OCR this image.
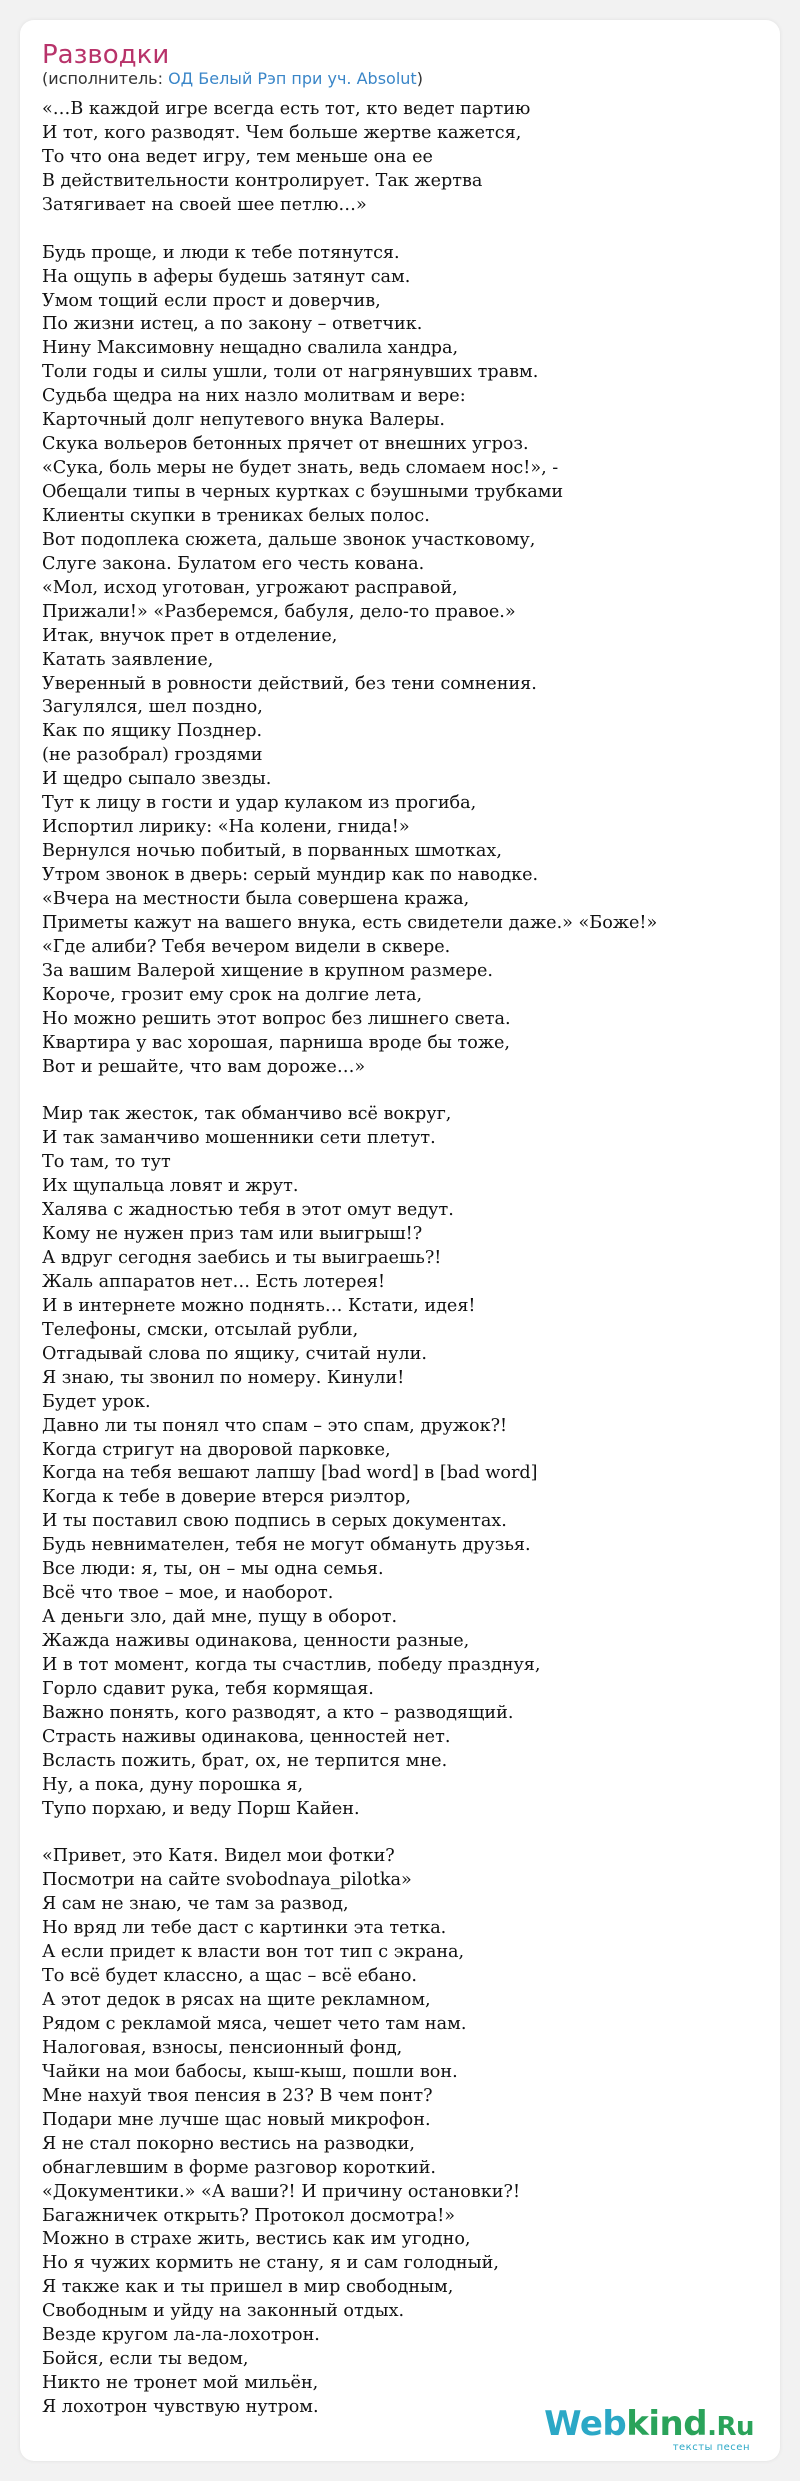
Разводки
(исполнитель: ОД Белый Рэп при уч. Absolut)
«…В каждой игре всегда есть тот, кто ведет партию
И тот, кого разводят. Чем больше жертве кажется,
То что она ведет игру, тем меньше она ее
В действительности контролирует. Так жертва
Затягивает на своей шее петлю…»
Будь проще, и люди к тебе потянутся.
На ощупь в аферы будешь затянут сам.
Умом тощий если прост и доверчив,
По жизни истец, а по закону – ответчик.
Нину Максимовну нещадно свалила хандра,
Толи годы и силы ушли, толи от нагрянувших травм.
Судьба щедра на них назло молитвам и вере:
Карточный долг непутевого внука Валеры.
Скука вольеров бетонных прячет от внешних угроз.
«Сука, боль меры не будет знать, ведь сломаем нос!», -
Обещали типы в черных куртках с бэушными трубками
Клиенты скупки в трениках белых полос.
Вот подоплека сюжета, дальше звонок участковому,
Слуге закона. Булатом его честь кована.
«Мол, исход уготован, угрожают расправой,
Прижали!» «Разберемся, бабуля, дело-то правое.»
Итак, внучок прет в отделение,
Катать заявление,
Уверенный в ровности действий, без тени сомнения.
Загулялся, шел поздно,
Как по ящику Позднер.
(не разобрал) гроздями
И щедро сыпало звезды.
Тут к лицу в гости и удар кулаком из прогиба,
Испортил лирику: «На колени, гнида!»
Вернулся ночью побитый, в порванных шмотках,
Утром звонок в дверь: серый мундир как по наводке.
«Вчера на местности была совершена кража,
Приметы кажут на вашего внука, есть свидетели даже.» «Боже!»
«Где алиби? Тебя вечером видели в сквере.
За вашим Валерой хищение в крупном размере.
Короче, грозит ему срок на долгие лета,
Но можно решить этот вопрос без лишнего света.
Квартира у вас хорошая, парниша вроде бы тоже,
Вот и решайте, что вам дороже…»
Мир так жесток, так обманчиво всё вокруг,
И так заманчиво мошенники сети плетут.
То там, то тут
Их щупальца ловят и жрут.
Халява с жадностью тебя в этот омут ведут.
Кому не нужен приз там или выигрыш!?
А вдруг сегодня заебись и ты выиграешь?!
Жаль аппаратов нет… Есть лотерея!
И в интернете можно поднять… Кстати, идея!
Телефоны, смски, отсылай рубли,
Отгадывай слова по ящику, считай нули.
Я знаю, ты звонил по номеру. Кинули!
Будет урок.
Давно ли ты понял что спам – это спам, дружок?!
Когда стригут на дворовой парковке,
Когда на тебя вешают лапшу [bad word] в [bad word]
Когда к тебе в доверие втерся риэлтор,
И ты поставил свою подпись в серых документах.
Будь невнимателен, тебя не могут обмануть друзья.
Все люди: я, ты, он – мы одна семья.
Всё что твое – мое, и наоборот.
А деньги зло, дай мне, пущу в оборот.
Жажда наживы одинакова, ценности разные,
И в тот момент, когда ты счастлив, победу празднуя,
Горло сдавит рука, тебя кормящая.
Важно понять, кого разводят, а кто – разводящий.
Страсть наживы одинакова, ценностей нет.
Всласть пожить, брат, ох, не терпится мне.
Ну, а пока, дуну порошка я,
Тупо порхаю, и веду Порш Кайен.
«Привет, это Катя. Видел мои фотки?
Посмотри на сайте svobodnaya_pilotka»
Я сам не знаю, че там за развод,
Но вряд ли тебе даст с картинки эта тетка.
А если придет к власти вон тот тип с экрана,
То всё будет классно, а щас – всё ебано.
А этот дедок в рясах на щите рекламном,
Рядом с рекламой мяса, чешет чето там нам.
Налоговая, взносы, пенсионный фонд,
Чайки на мои бабосы, кыш-кыш, пошли вон.
Мне нахуй твоя пенсия в 23? В чем понт?
Подари мне лучше щас новый микрофон.
Я не стал покорно вестись на разводки,
обнаглевшим в форме разговор короткий.
«Документики.» «А ваши?! И причину остановки?!
Багажничек открыть? Протокол досмотра!»
Можно в страхе жить, вестись как им угодно,
Но я чужих кормить не стану, я и сам голодный,
Я также как и ты пришел в мир свободным,
Свободным и уйду на законный отдых.
Везде кругом ла-ла-лохотрон.
Бойся, если ты ведом,
Никто не тронет мой мильён,
Я лохотрон чувствую нутром.	Webkind.Ru
тексты песен
